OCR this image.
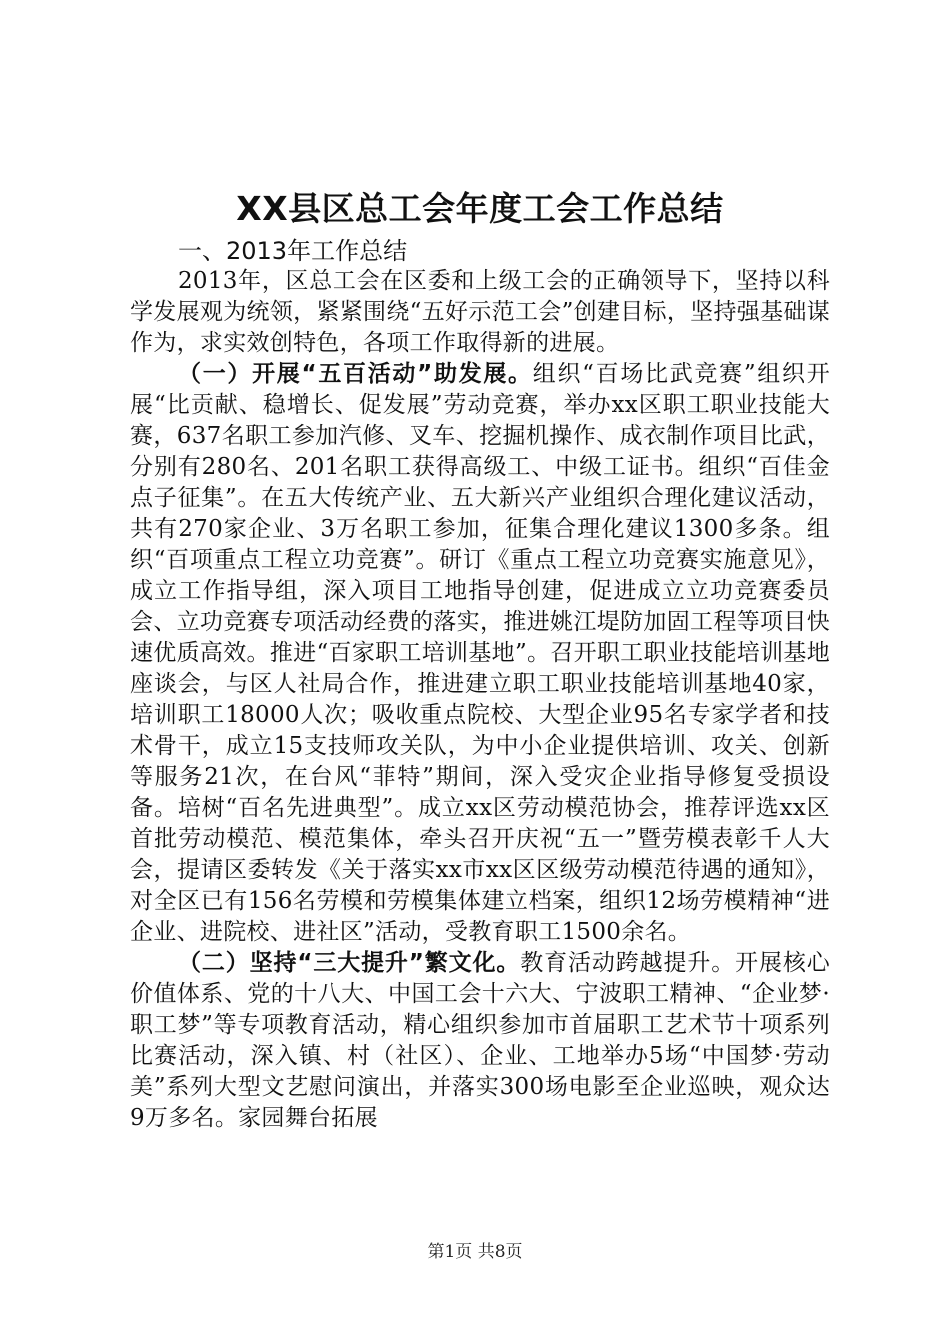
XX县区总工会年度工会工作总结

一、2013年工作总结

2013年，区总工会在区委和上级工会的正确领导下，坚持以科学发展观为统领，紧紧围绕“五好示范工会”创建目标，坚持强基础谋作为，求实效创特色，各项工作取得新的进展。

（一）开展“五百活动”助发展。组织“百场比武竞赛”组织开展“比贡献、稳增长、促发展”劳动竞赛，举办xx区职工职业技能大赛，637名职工参加汽修、叉车、挖掘机操作、成衣制作项目比武，分别有280名、201名职工获得高级工、中级工证书。组织“百佳金点子征集”。在五大传统产业、五大新兴产业组织合理化建议活动，共有270家企业、3万名职工参加，征集合理化建议1300多条。组织“百项重点工程立功竞赛”。研订《重点工程立功竞赛实施意见》，成立工作指导组，深入项目工地指导创建，促进成立立功竞赛委员会、立功竞赛专项活动经费的落实，推进姚江堤防加固工程等项目快速优质高效。推进“百家职工培训基地”。召开职工职业技能培训基地座谈会，与区人社局合作，推进建立职工职业技能培训基地40家，培训职工18000人次；吸收重点院校、大型企业95名专家学者和技术骨干，成立15支技师攻关队，为中小企业提供培训、攻关、创新等服务21次，在台风“菲特”期间，深入受灾企业指导修复受损设备。培树“百名先进典型”。成立xx区劳动模范协会，推荐评选xx区首批劳动模范、模范集体，牵头召开庆祝“五一”暨劳模表彰千人大会，提请区委转发《关于落实xx市xx区区级劳动模范待遇的通知》，对全区已有156名劳模和劳模集体建立档案，组织12场劳模精神“进企业、进院校、进社区”活动，受教育职工1500余名。

（二）坚持“三大提升”繁文化。教育活动跨越提升。开展核心价值体系、党的十八大、中国工会十六大、宁波职工精神、“企业梦·职工梦”等专项教育活动，精心组织参加市首届职工艺术节十项系列比赛活动，深入镇、村（社区）、企业、工地举办5场“中国梦·劳动美”系列大型文艺慰问演出，并落实300场电影至企业巡映，观众达9万多名。家园舞台拓展

第1页 共8页
